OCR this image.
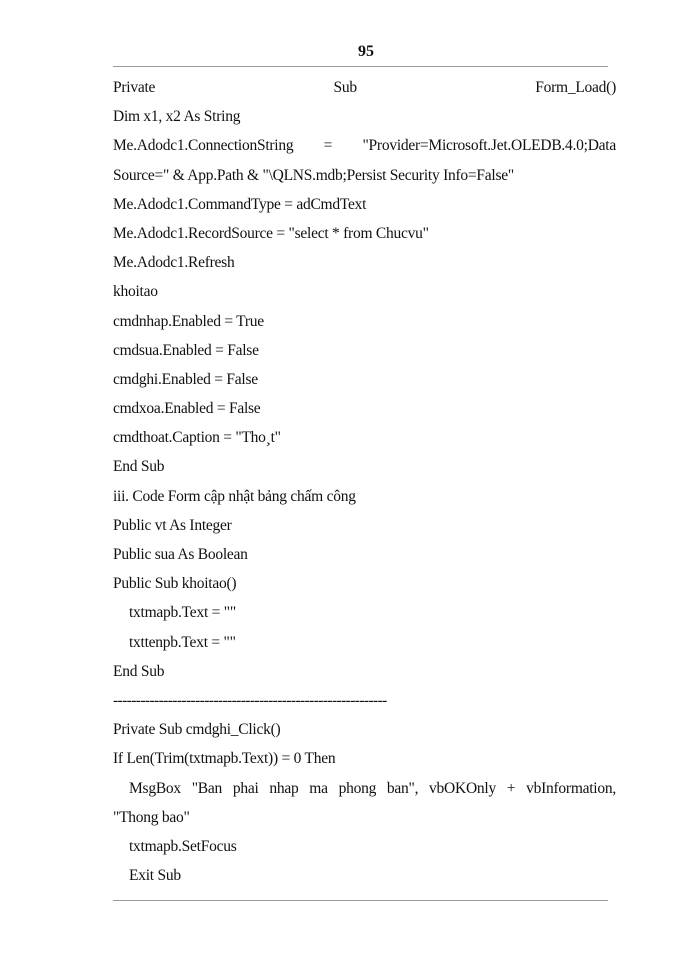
95
Private Sub Form_Load()
Dim x1, x2 As String
Me.Adodc1.ConnectionString = "Provider=Microsoft.Jet.OLEDB.4.0;Data
Source=" & App.Path & "\QLNS.mdb;Persist Security Info=False"
Me.Adodc1.CommandType = adCmdText
Me.Adodc1.RecordSource = "select * from Chucvu"
Me.Adodc1.Refresh
khoitao
cmdnhap.Enabled = True
cmdsua.Enabled = False
cmdghi.Enabled = False
cmdxoa.Enabled = False
cmdthoat.Caption = "Tho¸t"
End Sub
iii. Code Form cập nhật bảng chấm công
Public vt As Integer
Public sua As Boolean
Public Sub khoitao()
txtmapb.Text = ""
txttenpb.Text = ""
End Sub
------------------------------------------------------------
Private Sub cmdghi_Click()
If Len(Trim(txtmapb.Text)) = 0 Then
MsgBox "Ban phai nhap ma phong ban", vbOKOnly + vbInformation,
"Thong bao"
txtmapb.SetFocus
Exit Sub
